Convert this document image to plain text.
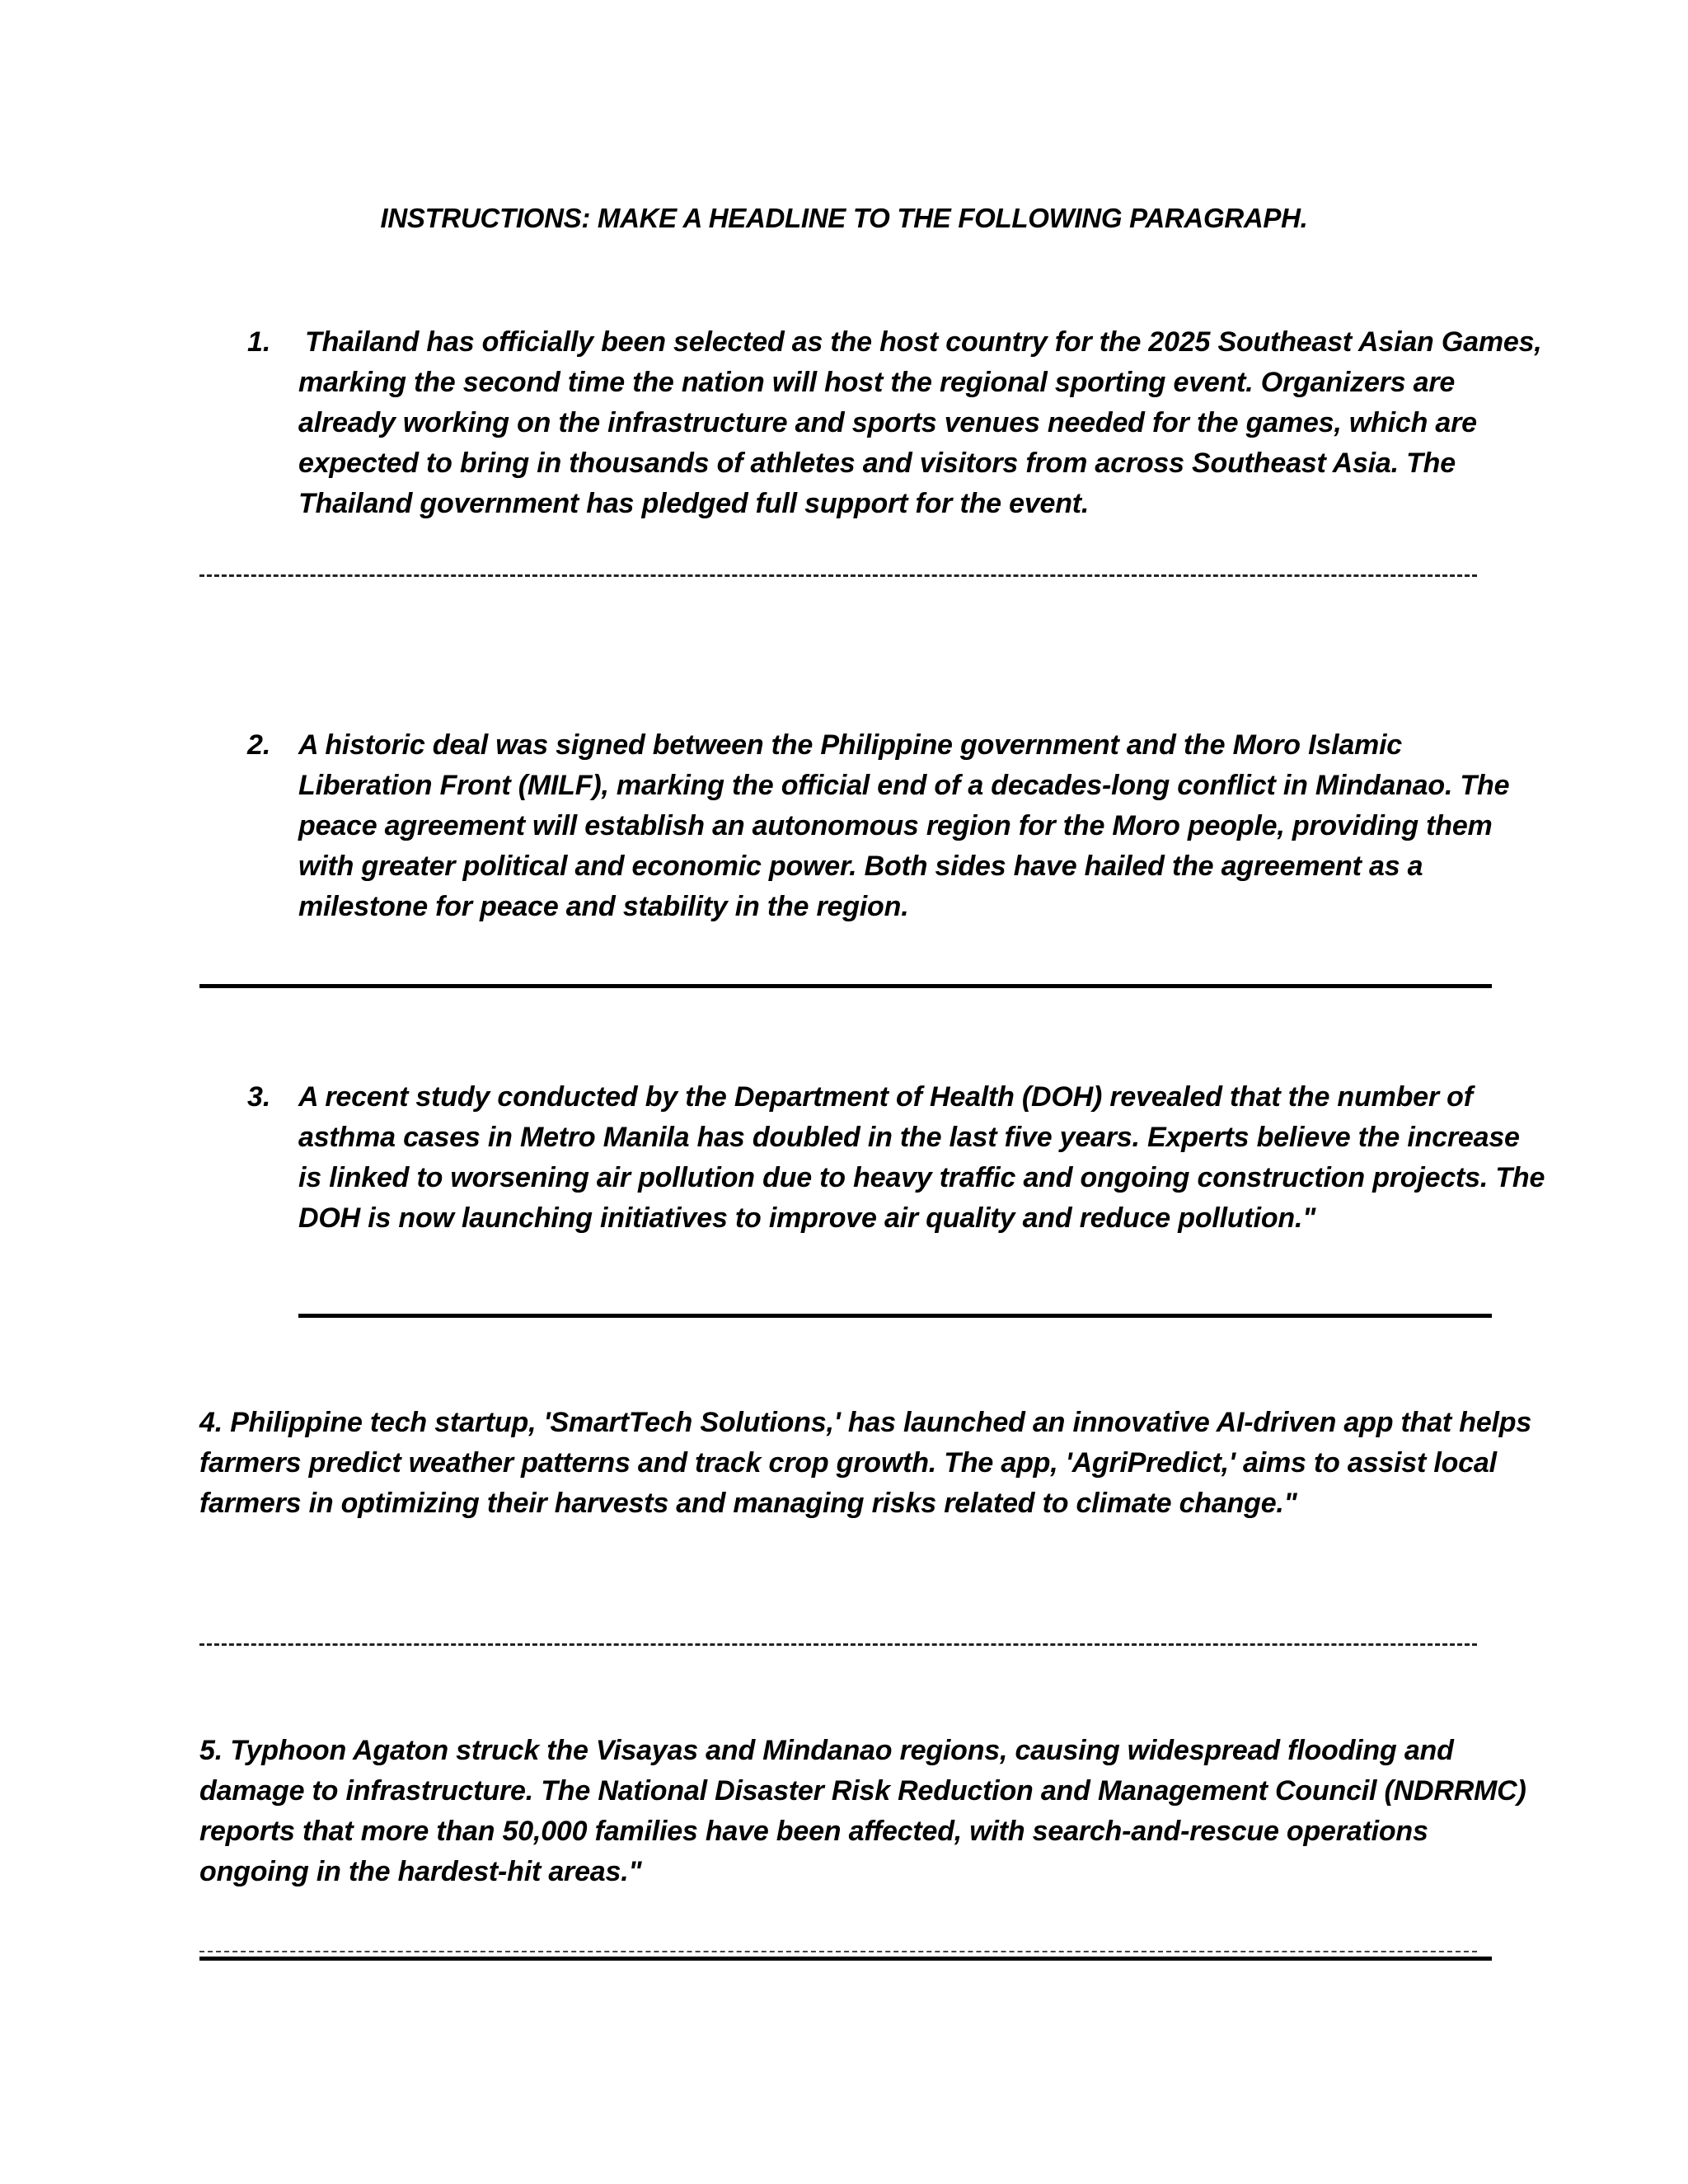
INSTRUCTIONS: MAKE A HEADLINE TO THE FOLLOWING PARAGRAPH.
1. Thailand has officially been selected as the host country for the 2025 Southeast Asian Games,
marking the second time the nation will host the regional sporting event. Organizers are
already working on the infrastructure and sports venues needed for the games, which are
expected to bring in thousands of athletes and visitors from across Southeast Asia. The
Thailand government has pledged full support for the event.
2. A historic deal was signed between the Philippine government and the Moro Islamic
Liberation Front (MILF), marking the official end of a decades-long conflict in Mindanao. The
peace agreement will establish an autonomous region for the Moro people, providing them
with greater political and economic power. Both sides have hailed the agreement as a
milestone for peace and stability in the region.
3. A recent study conducted by the Department of Health (DOH) revealed that the number of
asthma cases in Metro Manila has doubled in the last five years. Experts believe the increase
is linked to worsening air pollution due to heavy traffic and ongoing construction projects. The
DOH is now launching initiatives to improve air quality and reduce pollution."
4. Philippine tech startup, 'SmartTech Solutions,' has launched an innovative AI-driven app that helps
farmers predict weather patterns and track crop growth. The app, 'AgriPredict,' aims to assist local
farmers in optimizing their harvests and managing risks related to climate change."
5. Typhoon Agaton struck the Visayas and Mindanao regions, causing widespread flooding and
damage to infrastructure. The National Disaster Risk Reduction and Management Council (NDRRMC)
reports that more than 50,000 families have been affected, with search-and-rescue operations
ongoing in the hardest-hit areas."
